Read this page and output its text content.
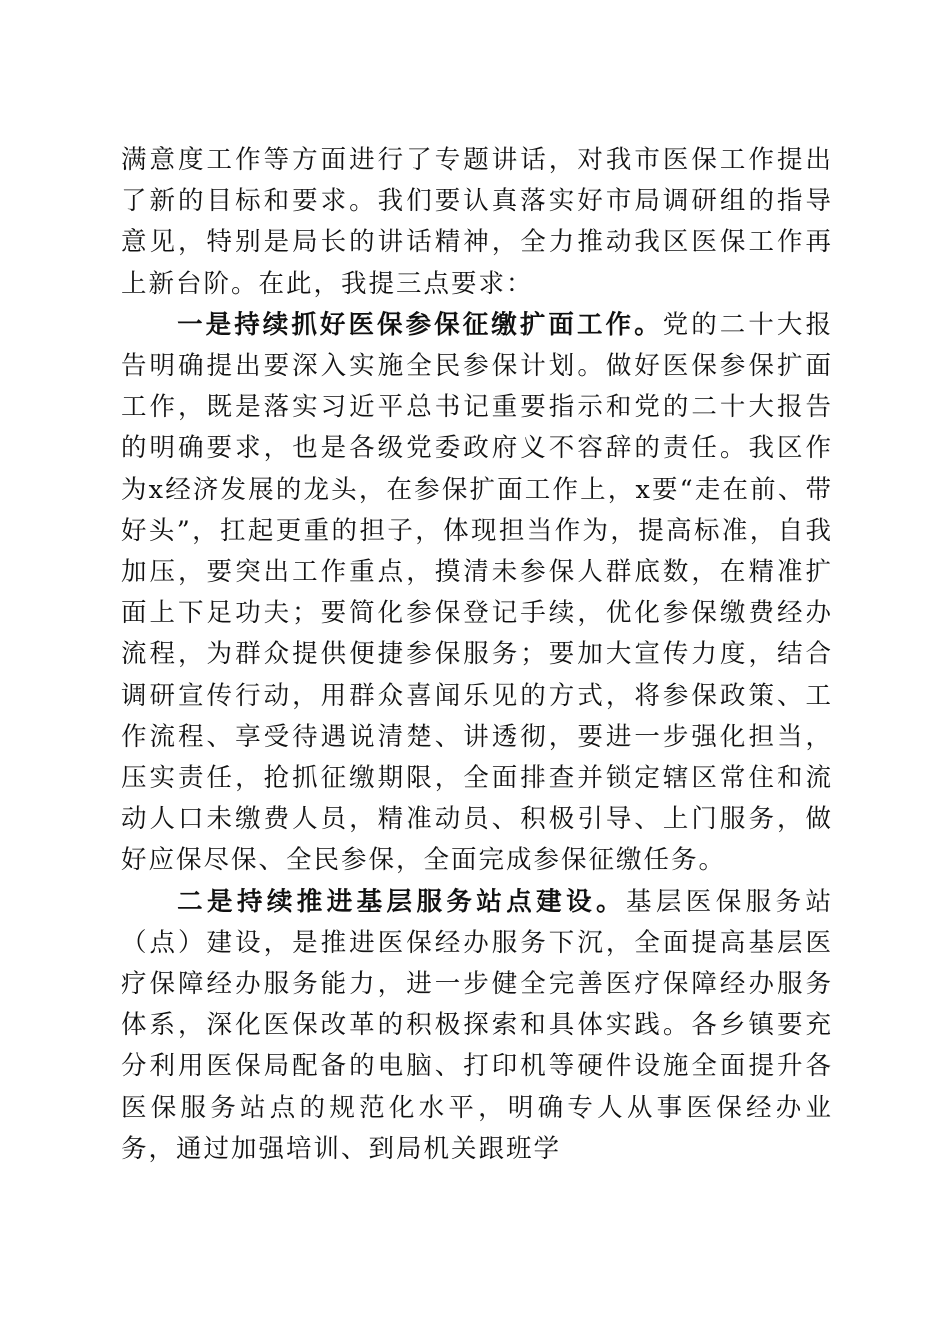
满意度工作等方面进行了专题讲话，对我市医保工作提出了新的目标和要求。我们要认真落实好市局调研组的指导意见，特别是局长的讲话精神，全力推动我区医保工作再上新台阶。在此，我提三点要求：

一是持续抓好医保参保征缴扩面工作。党的二十大报告明确提出要深入实施全民参保计划。做好医保参保扩面工作，既是落实习近平总书记重要指示和党的二十大报告的明确要求，也是各级党委政府义不容辞的责任。我区作为x经济发展的龙头，在参保扩面工作上，x要“走在前、带好头”，扛起更重的担子，体现担当作为，提高标准，自我加压，要突出工作重点，摸清未参保人群底数，在精准扩面上下足功夫；要简化参保登记手续，优化参保缴费经办流程，为群众提供便捷参保服务；要加大宣传力度，结合调研宣传行动，用群众喜闻乐见的方式，将参保政策、工作流程、享受待遇说清楚、讲透彻，要进一步强化担当，压实责任，抢抓征缴期限，全面排查并锁定辖区常住和流动人口未缴费人员，精准动员、积极引导、上门服务，做好应保尽保、全民参保，全面完成参保征缴任务。

二是持续推进基层服务站点建设。基层医保服务站（点）建设，是推进医保经办服务下沉，全面提高基层医疗保障经办服务能力，进一步健全完善医疗保障经办服务体系，深化医保改革的积极探索和具体实践。各乡镇要充分利用医保局配备的电脑、打印机等硬件设施全面提升各医保服务站点的规范化水平，明确专人从事医保经办业务，通过加强培训、到局机关跟班学
